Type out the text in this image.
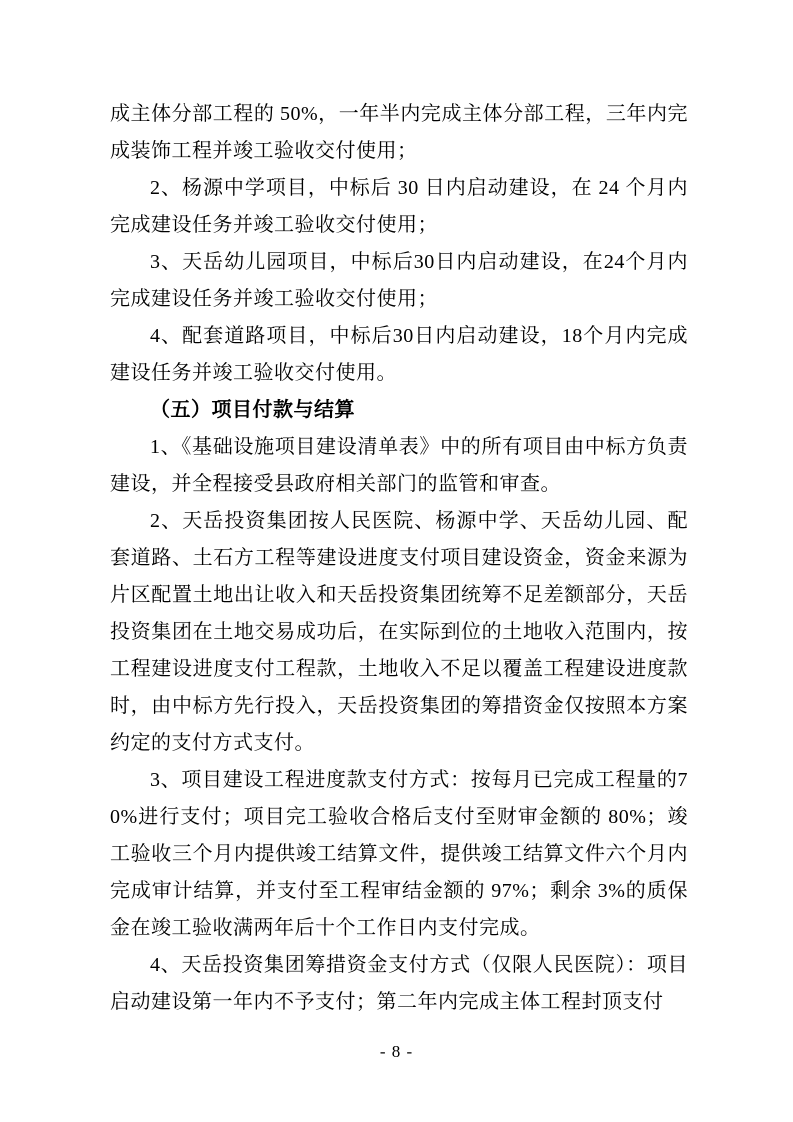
成主体分部工程的 50%，一年半内完成主体分部工程，三年内完成装饰工程并竣工验收交付使用；

2、杨源中学项目，中标后 30 日内启动建设，在 24 个月内完成建设任务并竣工验收交付使用；

3、天岳幼儿园项目，中标后30日内启动建设，在24个月内完成建设任务并竣工验收交付使用；

4、配套道路项目，中标后30日内启动建设，18个月内完成建设任务并竣工验收交付使用。

（五）项目付款与结算

1、《基础设施项目建设清单表》中的所有项目由中标方负责建设，并全程接受县政府相关部门的监管和审查。

2、天岳投资集团按人民医院、杨源中学、天岳幼儿园、配套道路、土石方工程等建设进度支付项目建设资金，资金来源为片区配置土地出让收入和天岳投资集团统筹不足差额部分，天岳投资集团在土地交易成功后，在实际到位的土地收入范围内，按工程建设进度支付工程款，土地收入不足以覆盖工程建设进度款时，由中标方先行投入，天岳投资集团的筹措资金仅按照本方案约定的支付方式支付。

3、项目建设工程进度款支付方式：按每月已完成工程量的70%进行支付；项目完工验收合格后支付至财审金额的 80%；竣工验收三个月内提供竣工结算文件，提供竣工结算文件六个月内完成审计结算，并支付至工程审结金额的 97%；剩余 3%的质保金在竣工验收满两年后十个工作日内支付完成。

4、天岳投资集团筹措资金支付方式（仅限人民医院）：项目启动建设第一年内不予支付；第二年内完成主体工程封顶支付

- 8 -
